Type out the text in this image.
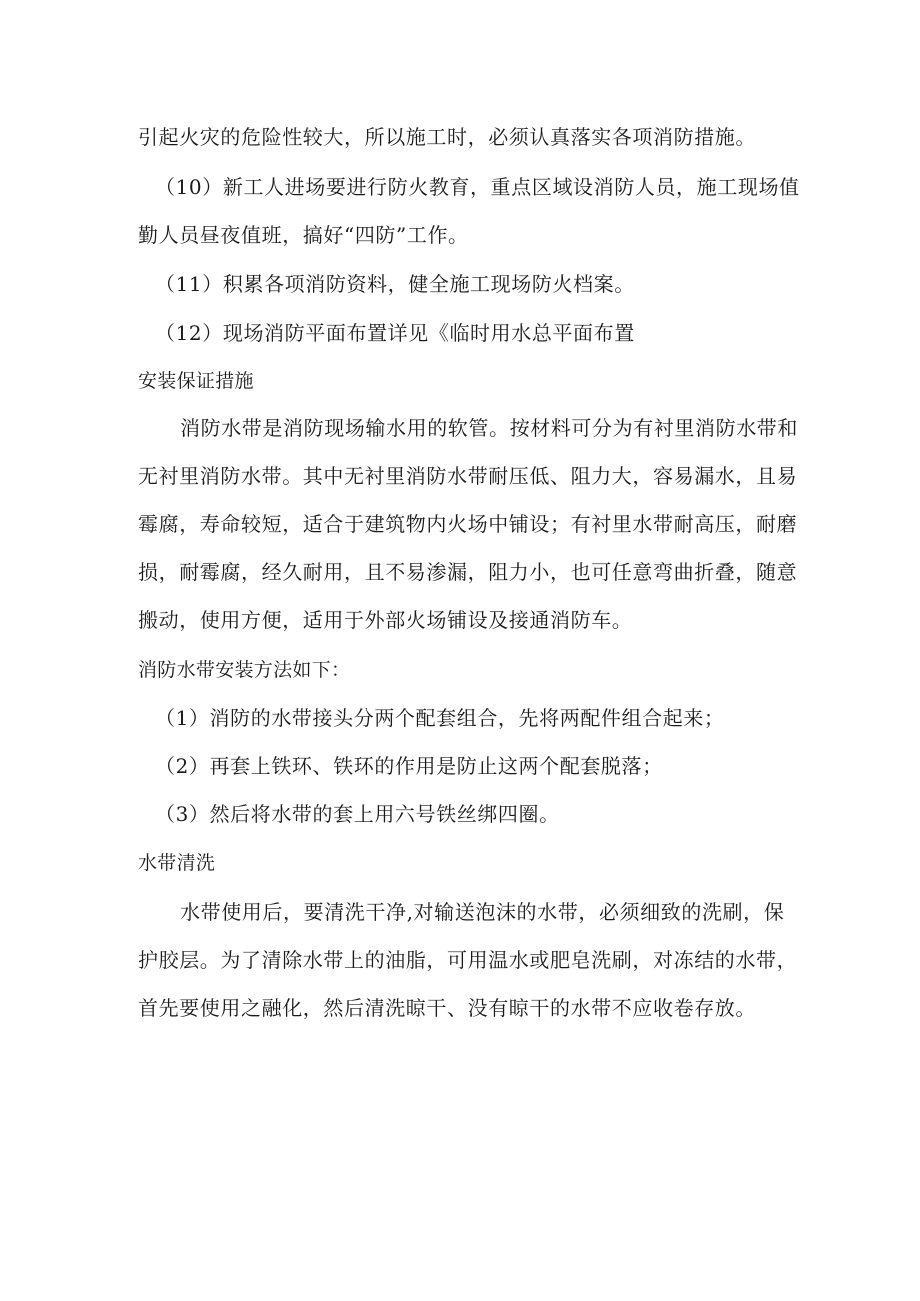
引起火灾的危险性较大，所以施工时，必须认真落实各项消防措施。
（10）新工人进场要进行防火教育，重点区域设消防人员，施工现场值
勤人员昼夜值班，搞好“四防”工作。
（11）积累各项消防资料，健全施工现场防火档案。
（12）现场消防平面布置详见《临时用水总平面布置
安装保证措施
消防水带是消防现场输水用的软管。按材料可分为有衬里消防水带和
无衬里消防水带。其中无衬里消防水带耐压低、阻力大，容易漏水，且易
霉腐，寿命较短，适合于建筑物内火场中铺设；有衬里水带耐高压，耐磨
损，耐霉腐，经久耐用，且不易渗漏，阻力小，也可任意弯曲折叠，随意
搬动，使用方便，适用于外部火场铺设及接通消防车。
消防水带安装方法如下：
（1）消防的水带接头分两个配套组合，先将两配件组合起来；
（2）再套上铁环、铁环的作用是防止这两个配套脱落；
（3）然后将水带的套上用六号铁丝绑四圈。
水带清洗
水带使用后，要清洗干净,对输送泡沫的水带，必须细致的洗刷，保
护胶层。为了清除水带上的油脂，可用温水或肥皂洗刷，对冻结的水带，
首先要使用之融化，然后清洗晾干、没有晾干的水带不应收卷存放。
